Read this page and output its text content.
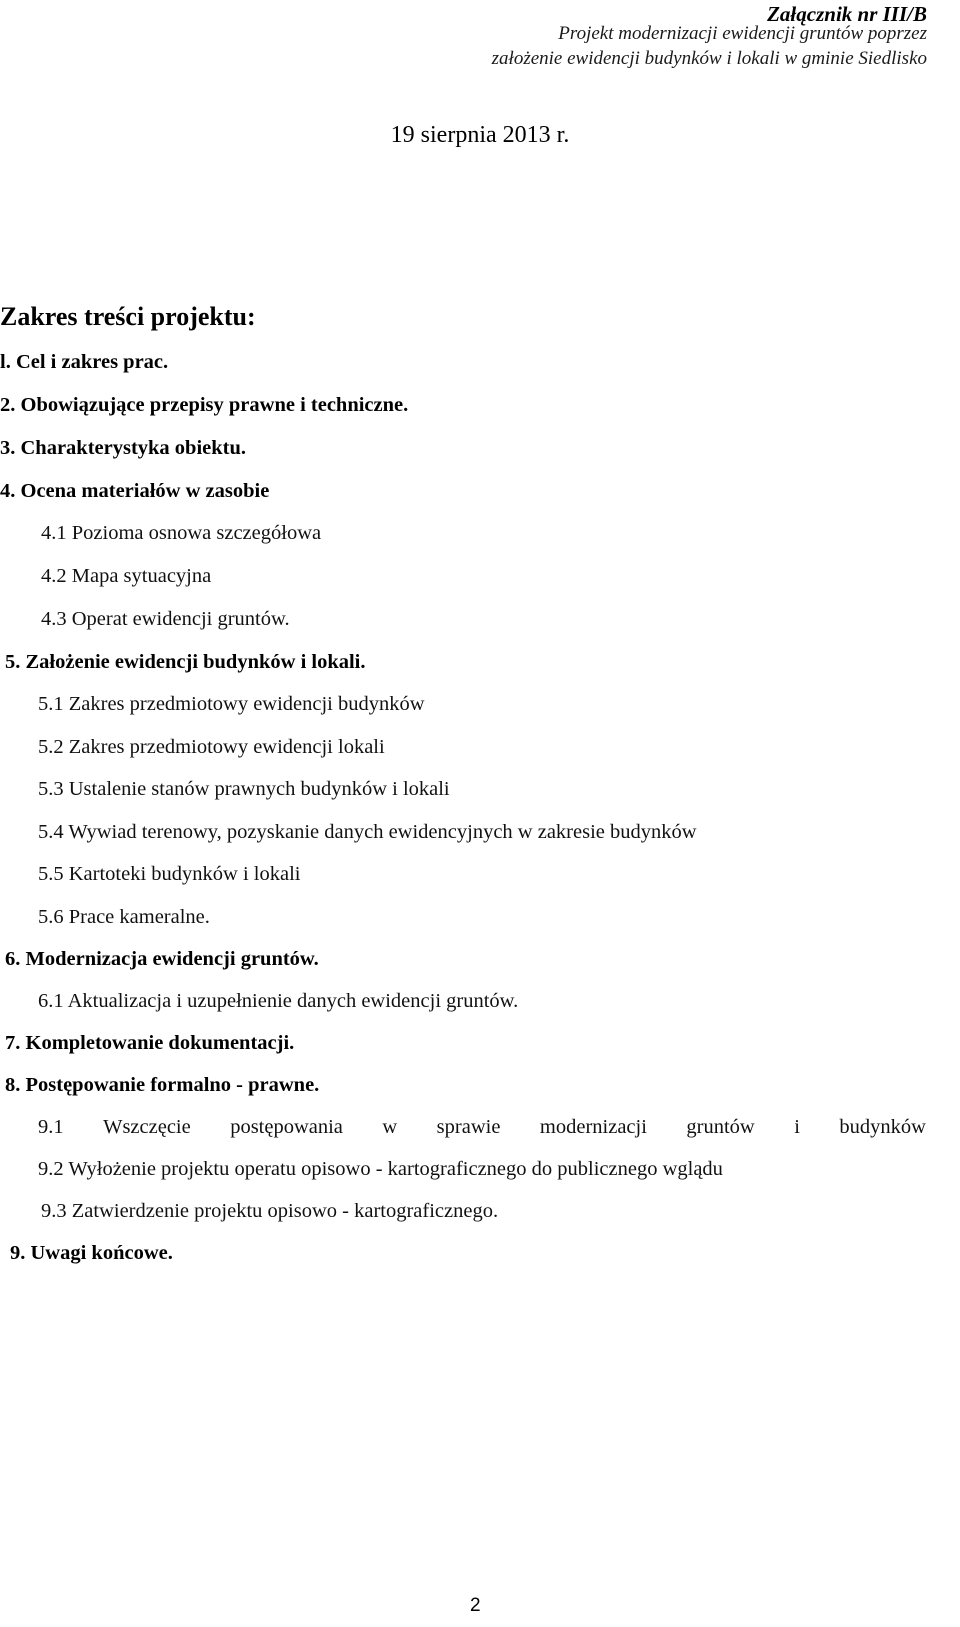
Załącznik nr III/B
Projekt modernizacji ewidencji gruntów poprzez
założenie ewidencji budynków i lokali w gminie Siedlisko
19 sierpnia 2013 r.
Zakres treści projektu:
l. Cel i zakres prac.
2. Obowiązujące przepisy prawne i techniczne.
3. Charakterystyka obiektu.
4. Ocena materiałów w zasobie
4.1 Pozioma osnowa szczegółowa
4.2 Mapa sytuacyjna
4.3 Operat ewidencji gruntów.
5. Założenie ewidencji budynków i lokali.
5.1 Zakres przedmiotowy ewidencji budynków
5.2 Zakres przedmiotowy ewidencji lokali
5.3 Ustalenie stanów prawnych budynków i lokali
5.4 Wywiad terenowy, pozyskanie danych ewidencyjnych w zakresie budynków
5.5 Kartoteki budynków i lokali
5.6 Prace kameralne.
6. Modernizacja ewidencji gruntów.
6.1 Aktualizacja i uzupełnienie danych ewidencji gruntów.
7. Kompletowanie dokumentacji.
8. Postępowanie formalno - prawne.
9.1 Wszczęcie postępowania w sprawie modernizacji gruntów i budynków
9.2 Wyłożenie projektu operatu opisowo - kartograficznego do publicznego wglądu
9.3 Zatwierdzenie projektu opisowo - kartograficznego.
9. Uwagi końcowe.
2
